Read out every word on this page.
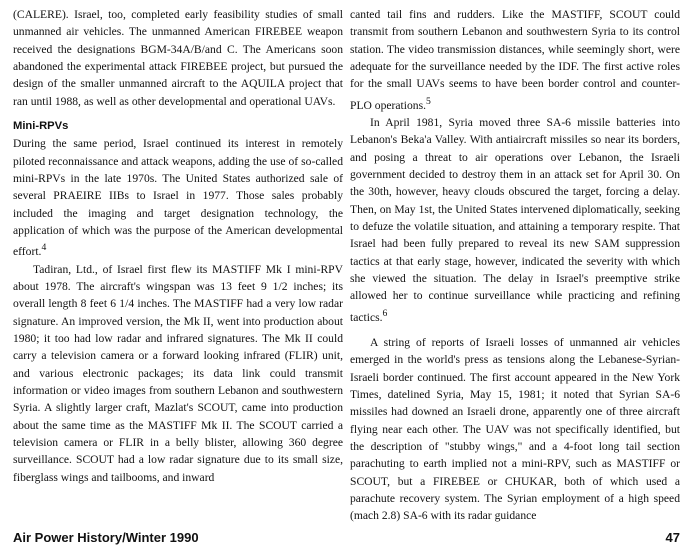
(CALERE). Israel, too, completed early feasibility studies of small unmanned air vehicles. The unmanned American FIREBEE weapon received the designations BGM-34A/B/and C. The Americans soon abandoned the experimental attack FIREBEE project, but pursued the design of the smaller unmanned aircraft to the AQUILA project that ran until 1988, as well as other developmental and operational UAVs.

Mini-RPVs

During the same period, Israel continued its interest in remotely piloted reconnaissance and attack weapons, adding the use of so-called mini-RPVs in the late 1970s. The United States authorized sale of several PRAEIRE IIBs to Israel in 1977. Those sales probably included the imaging and target designation technology, the application of which was the purpose of the American developmental effort.$^4$

Tadiran, Ltd., of Israel first flew its MASTIFF Mk I mini-RPV about 1978. The aircraft's wingspan was 13 feet 9 1/2 inches; its overall length 8 feet 6 1/4 inches. The MASTIFF had a very low radar signature. An improved version, the Mk II, went into production about 1980; it too had low radar and infrared signatures. The Mk II could carry a television camera or a forward looking infrared (FLIR) unit, and various electronic packages; its data link could transmit information or video images from southern Lebanon and southwestern Syria. A slightly larger craft, Mazlat's SCOUT, came into production about the same time as the MASTIFF Mk II. The SCOUT carried a television camera or FLIR in a belly blister, allowing 360 degree surveillance. SCOUT had a low radar signature due to its small size, fiberglass wings and tailbooms, and inward

canted tail fins and rudders. Like the MASTIFF, SCOUT could transmit from southern Lebanon and southwestern Syria to its control station. The video transmission distances, while seemingly short, were adequate for the surveillance needed by the IDF. The first active roles for the small UAVs seems to have been border control and counter-PLO operations.$^5$

In April 1981, Syria moved three SA-6 missile batteries into Lebanon's Beka'a Valley. With antiaircraft missiles so near its borders, and posing a threat to air operations over Lebanon, the Israeli government decided to destroy them in an attack set for April 30. On the 30th, however, heavy clouds obscured the target, forcing a delay. Then, on May 1st, the United States intervened diplomatically, seeking to defuze the volatile situation, and attaining a temporary respite. That Israel had been fully prepared to reveal its new SAM suppression tactics at that early stage, however, indicated the severity with which she viewed the situation. The delay in Israel's preemptive strike allowed her to continue surveillance while practicing and refining tactics.$^6$

A string of reports of Israeli losses of unmanned air vehicles emerged in the world's press as tensions along the Lebanese-Syrian-Israeli border continued. The first account appeared in the New York Times, datelined Syria, May 15, 1981; it noted that Syrian SA-6 missiles had downed an Israeli drone, apparently one of three aircraft flying near each other. The UAV was not specifically identified, but the description of "stubby wings," and a 4-foot long tail section parachuting to earth implied not a mini-RPV, such as MASTIFF or SCOUT, but a FIREBEE or CHUKAR, both of which used a parachute recovery system. The Syrian employment of a high speed (mach 2.8) SA-6 with its radar guidance

Air Power History/Winter 1990	47
